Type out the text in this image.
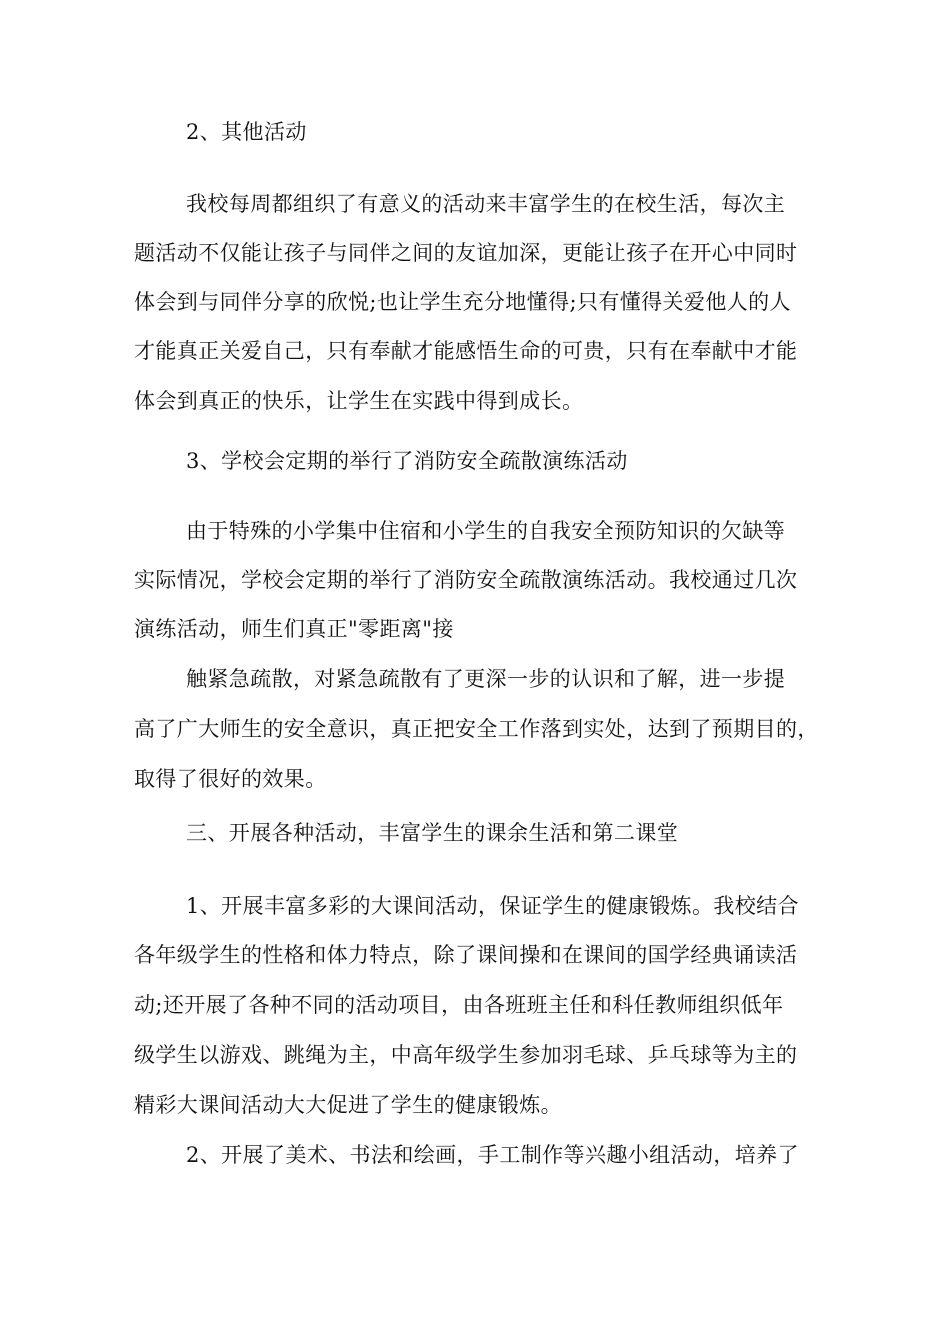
2、其他活动
我校每周都组织了有意义的活动来丰富学生的在校生活，每次主
题活动不仅能让孩子与同伴之间的友谊加深，更能让孩子在开心中同时
体会到与同伴分享的欣悦;也让学生充分地懂得;只有懂得关爱他人的人
才能真正关爱自己，只有奉献才能感悟生命的可贵，只有在奉献中才能
体会到真正的快乐，让学生在实践中得到成长。
3、学校会定期的举行了消防安全疏散演练活动
由于特殊的小学集中住宿和小学生的自我安全预防知识的欠缺等
实际情况，学校会定期的举行了消防安全疏散演练活动。我校通过几次
演练活动，师生们真正"零距离"接
触紧急疏散，对紧急疏散有了更深一步的认识和了解，进一步提
高了广大师生的安全意识，真正把安全工作落到实处，达到了预期目的，
取得了很好的效果。
三、开展各种活动，丰富学生的课余生活和第二课堂
1、开展丰富多彩的大课间活动，保证学生的健康锻炼。我校结合
各年级学生的性格和体力特点，除了课间操和在课间的国学经典诵读活
动;还开展了各种不同的活动项目，由各班班主任和科任教师组织低年
级学生以游戏、跳绳为主，中高年级学生参加羽毛球、乒乓球等为主的
精彩大课间活动大大促进了学生的健康锻炼。
2、开展了美术、书法和绘画，手工制作等兴趣小组活动，培养了
